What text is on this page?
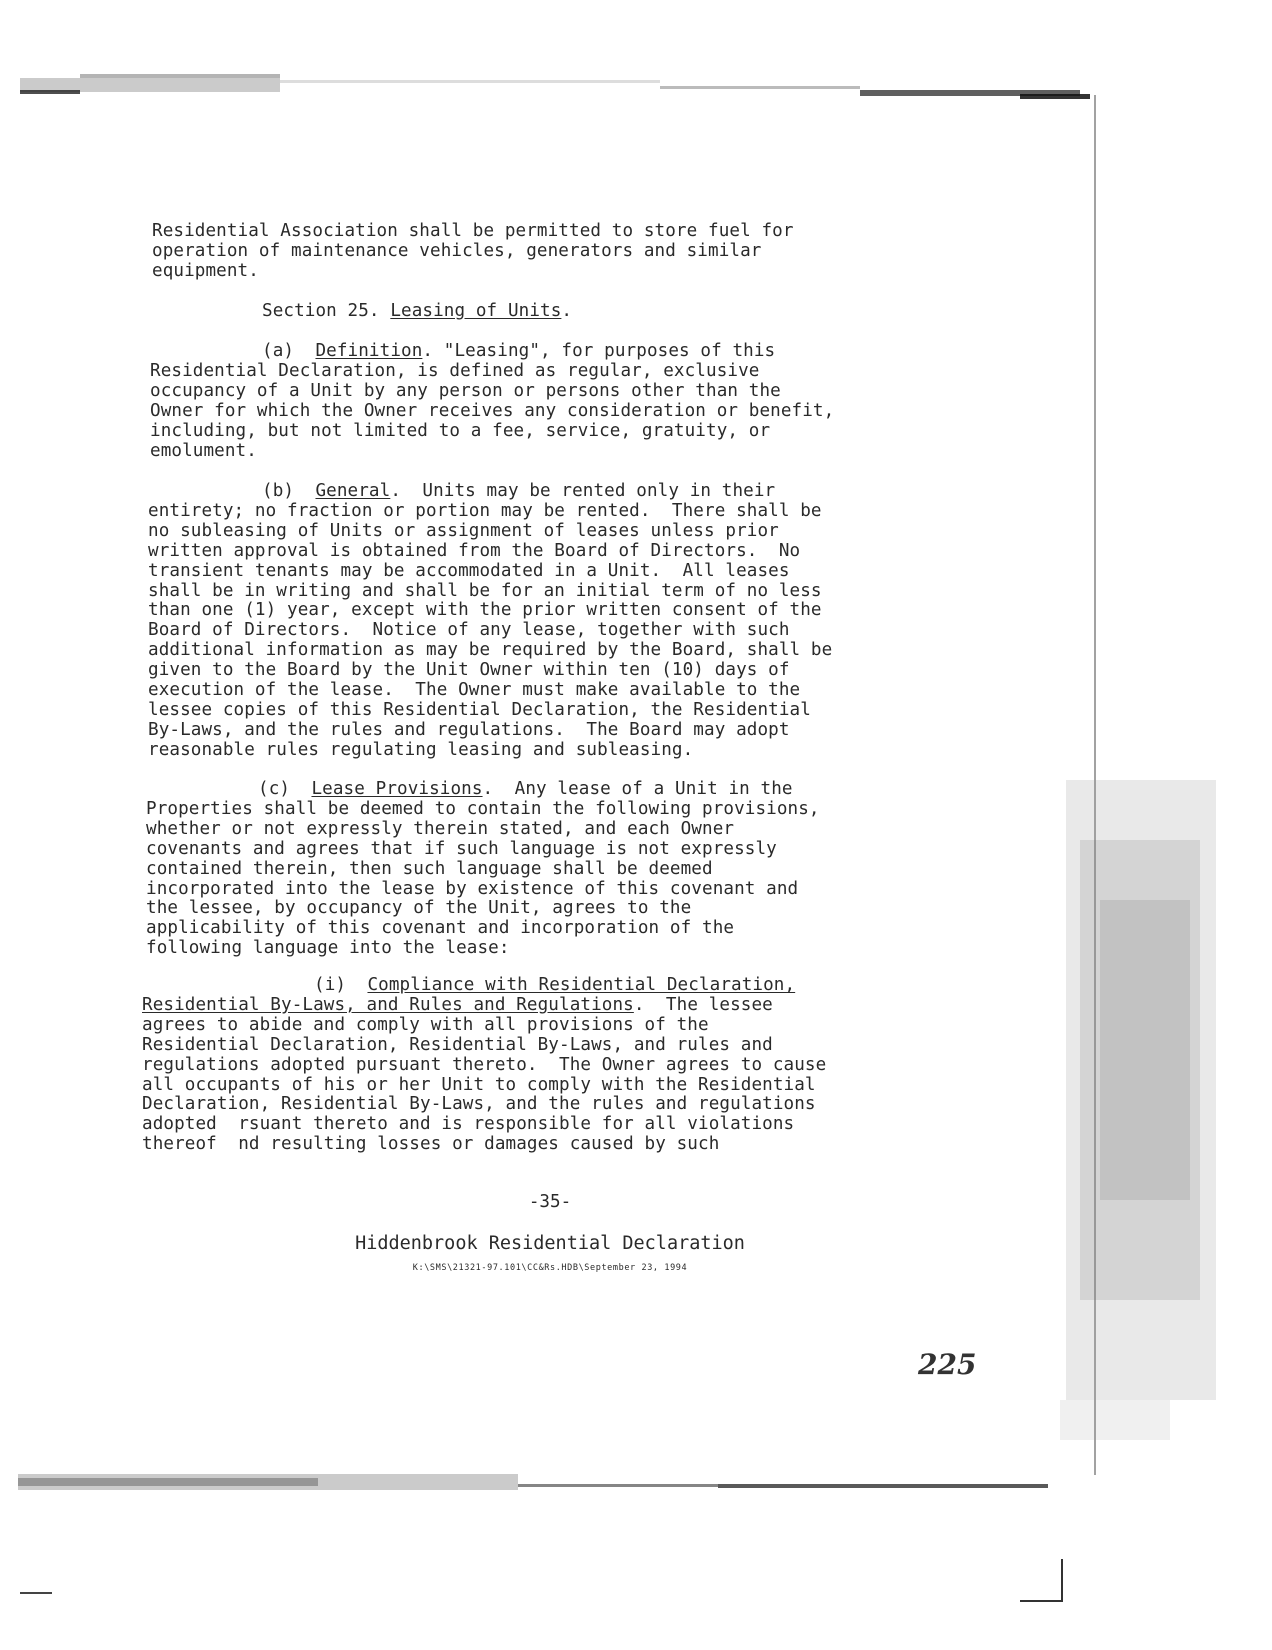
Residential Association shall be permitted to store fuel for
operation of maintenance vehicles, generators and similar
equipment.

Section 25. Leasing of Units.

(a) Definition. "Leasing", for purposes of this
Residential Declaration, is defined as regular, exclusive
occupancy of a Unit by any person or persons other than the
Owner for which the Owner receives any consideration or benefit,
including, but not limited to a fee, service, gratuity, or
emolument.

(b) General.  Units may be rented only in their
entirety; no fraction or portion may be rented.  There shall be
no subleasing of Units or assignment of leases unless prior
written approval is obtained from the Board of Directors.  No
transient tenants may be accommodated in a Unit.  All leases
shall be in writing and shall be for an initial term of no less
than one (1) year, except with the prior written consent of the
Board of Directors.  Notice of any lease, together with such
additional information as may be required by the Board, shall be
given to the Board by the Unit Owner within ten (10) days of
execution of the lease.  The Owner must make available to the
lessee copies of this Residential Declaration, the Residential
By-Laws, and the rules and regulations.  The Board may adopt
reasonable rules regulating leasing and subleasing.

(c) Lease Provisions.  Any lease of a Unit in the
Properties shall be deemed to contain the following provisions,
whether or not expressly therein stated, and each Owner
covenants and agrees that if such language is not expressly
contained therein, then such language shall be deemed
incorporated into the lease by existence of this covenant and
the lessee, by occupancy of the Unit, agrees to the
applicability of this covenant and incorporation of the
following language into the lease:

(i) Compliance with Residential Declaration,
Residential By-Laws, and Rules and Regulations.  The lessee
agrees to abide and comply with all provisions of the
Residential Declaration, Residential By-Laws, and rules and
regulations adopted pursuant thereto.  The Owner agrees to cause
all occupants of his or her Unit to comply with the Residential
Declaration, Residential By-Laws, and the rules and regulations
adopted  rsuant thereto and is responsible for all violations
thereof  nd resulting losses or damages caused by such

-35-

Hiddenbrook Residential Declaration

K:\SMS\21321-97.101\CC&Rs.HDB\September 23, 1994

225
